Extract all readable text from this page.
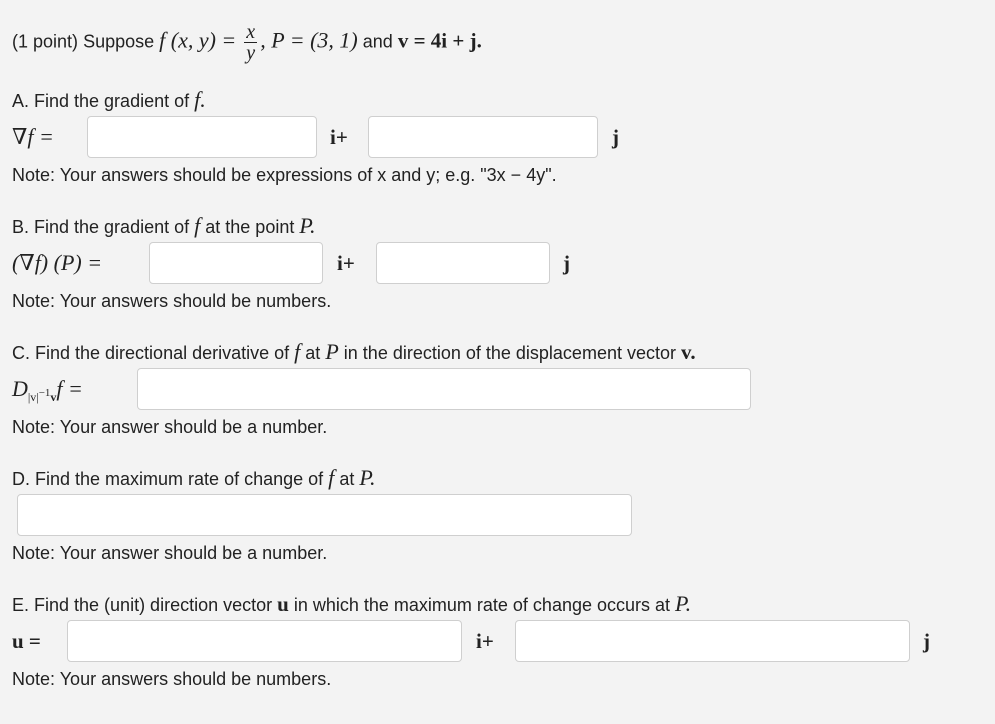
(1 point) Suppose f (x, $y) = \frac{x}{y}$ , P = (3, 1) and v = 4i + j.
A. Find the gradient of f.
∇f =	i+	j
Note: Your answers should be expressions of x and y; e.g. "3x − 4y".
B. Find the gradient of f at the point P.
(∇f) (P) =	i+	j
Note: Your answers should be numbers.
C. Find the directional derivative of f at P in the direction of the displacement vector v.
$D_{|v|^{-1}v}f$ =
Note: Your answer should be a number.
D. Find the maximum rate of change of f at P.
Note: Your answer should be a number.
E. Find the (unit) direction vector u in which the maximum rate of change occurs at P.
u =	i+	j
Note: Your answers should be numbers.
